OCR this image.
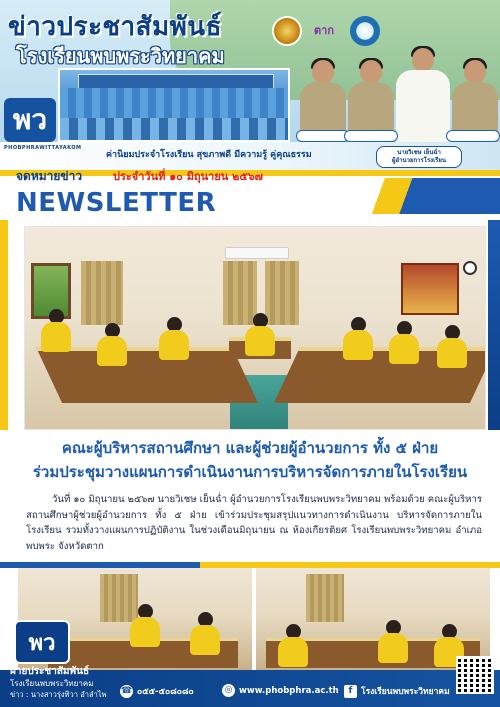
ข่าวประชาสัมพันธ์
โรงเรียนพบพระวิทยาคม
ตาก
พว
PHOBPHRAWITTAYAKOM
ค่านิยมประจำโรงเรียน สุขภาพดี มีความรู้ คู่คุณธรรม	นายวิเชษ เย็นฉ่ำ
ผู้อำนวยการโรงเรียน
จดหมายข่าว	ประจำวันที่ ๑๐ มิถุนายน ๒๕๖๗
NEWSLETTER
คณะผู้บริหารสถานศึกษา และผู้ช่วยผู้อำนวยการ ทั้ง ๕ ฝ่าย
ร่วมประชุมวางแผนการดำเนินงานการบริหารจัดการภายในโรงเรียน
วันที่ ๑๐ มิถุนายน ๒๕๖๗ นายวิเชษ เย็นฉ่ำ ผู้อำนวยการโรงเรียนพบพระวิทยาคม พร้อมด้วย คณะผู้บริหารสถานศึกษาผู้ช่วยผู้อำนวยการ ทั้ง ๕ ฝ่าย เข้าร่วมประชุมสรุปแนวทางการดำเนินงาน บริหารจัดการภายในโรงเรียน รวมทั้งวางแผนการปฏิบัติงาน ในช่วงเดือนมิถุนายน ณ ห้องเกียรติยศ โรงเรียนพบพระวิทยาคม อำเภอพบพระ จังหวัดตาก
พว
ฝ่ายประชาสัมพันธ์
โรงเรียนพบพระวิทยาคม
ข่าว : นางสาวรุ่งทิวา อำลำไพ ☎ ๐๕๕-๕๐๘๐๘๐	◎ www.phobphra.ac.th	f	โรงเรียนพบพระวิทยาคม
